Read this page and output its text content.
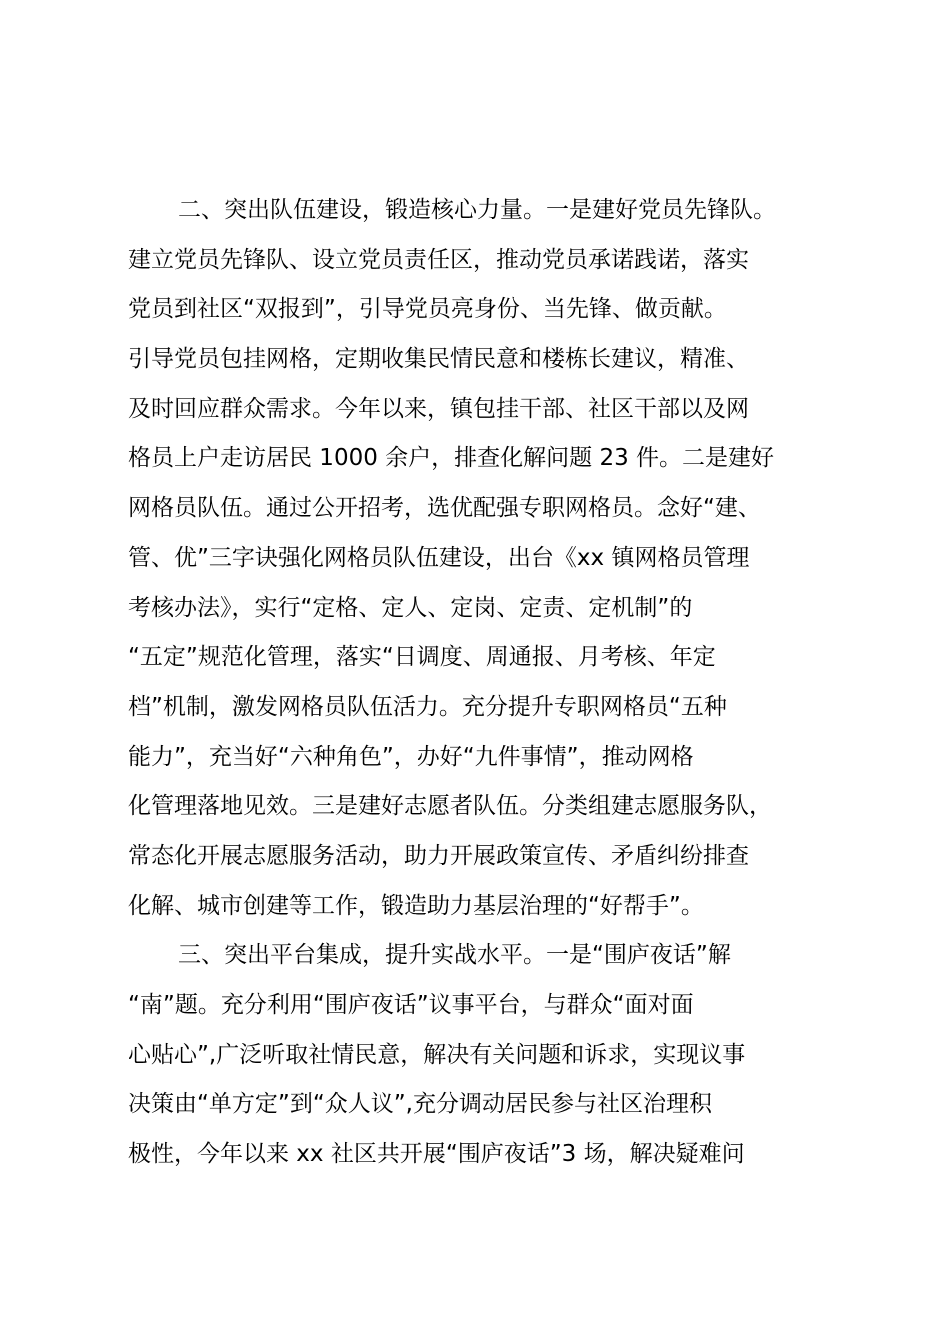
二、突出队伍建设，锻造核心力量。一是建好党员先锋队。
建立党员先锋队、设立党员责任区，推动党员承诺践诺，落实
党员到社区“双报到”，引导党员亮身份、当先锋、做贡献。
引导党员包挂网格，定期收集民情民意和楼栋长建议，精准、
及时回应群众需求。今年以来，镇包挂干部、社区干部以及网
格员上户走访居民 1000 余户，排查化解问题 23 件。二是建好
网格员队伍。通过公开招考，选优配强专职网格员。念好“建、
管、优”三字诀强化网格员队伍建设，出台《xx 镇网格员管理
考核办法》，实行“定格、定人、定岗、定责、定机制”的
“五定”规范化管理，落实“日调度、周通报、月考核、年定
档”机制，激发网格员队伍活力。充分提升专职网格员“五种
能力”，充当好“六种角色”，办好“九件事情”，推动网格
化管理落地见效。三是建好志愿者队伍。分类组建志愿服务队，
常态化开展志愿服务活动，助力开展政策宣传、矛盾纠纷排查
化解、城市创建等工作，锻造助力基层治理的“好帮手”。
三、突出平台集成，提升实战水平。一是“围庐夜话”解
“南”题。充分利用“围庐夜话”议事平台，与群众“面对面
心贴心”,广泛听取社情民意，解决有关问题和诉求，实现议事
决策由“单方定”到“众人议”,充分调动居民参与社区治理积
极性，今年以来 xx 社区共开展“围庐夜话”3 场，解决疑难问
